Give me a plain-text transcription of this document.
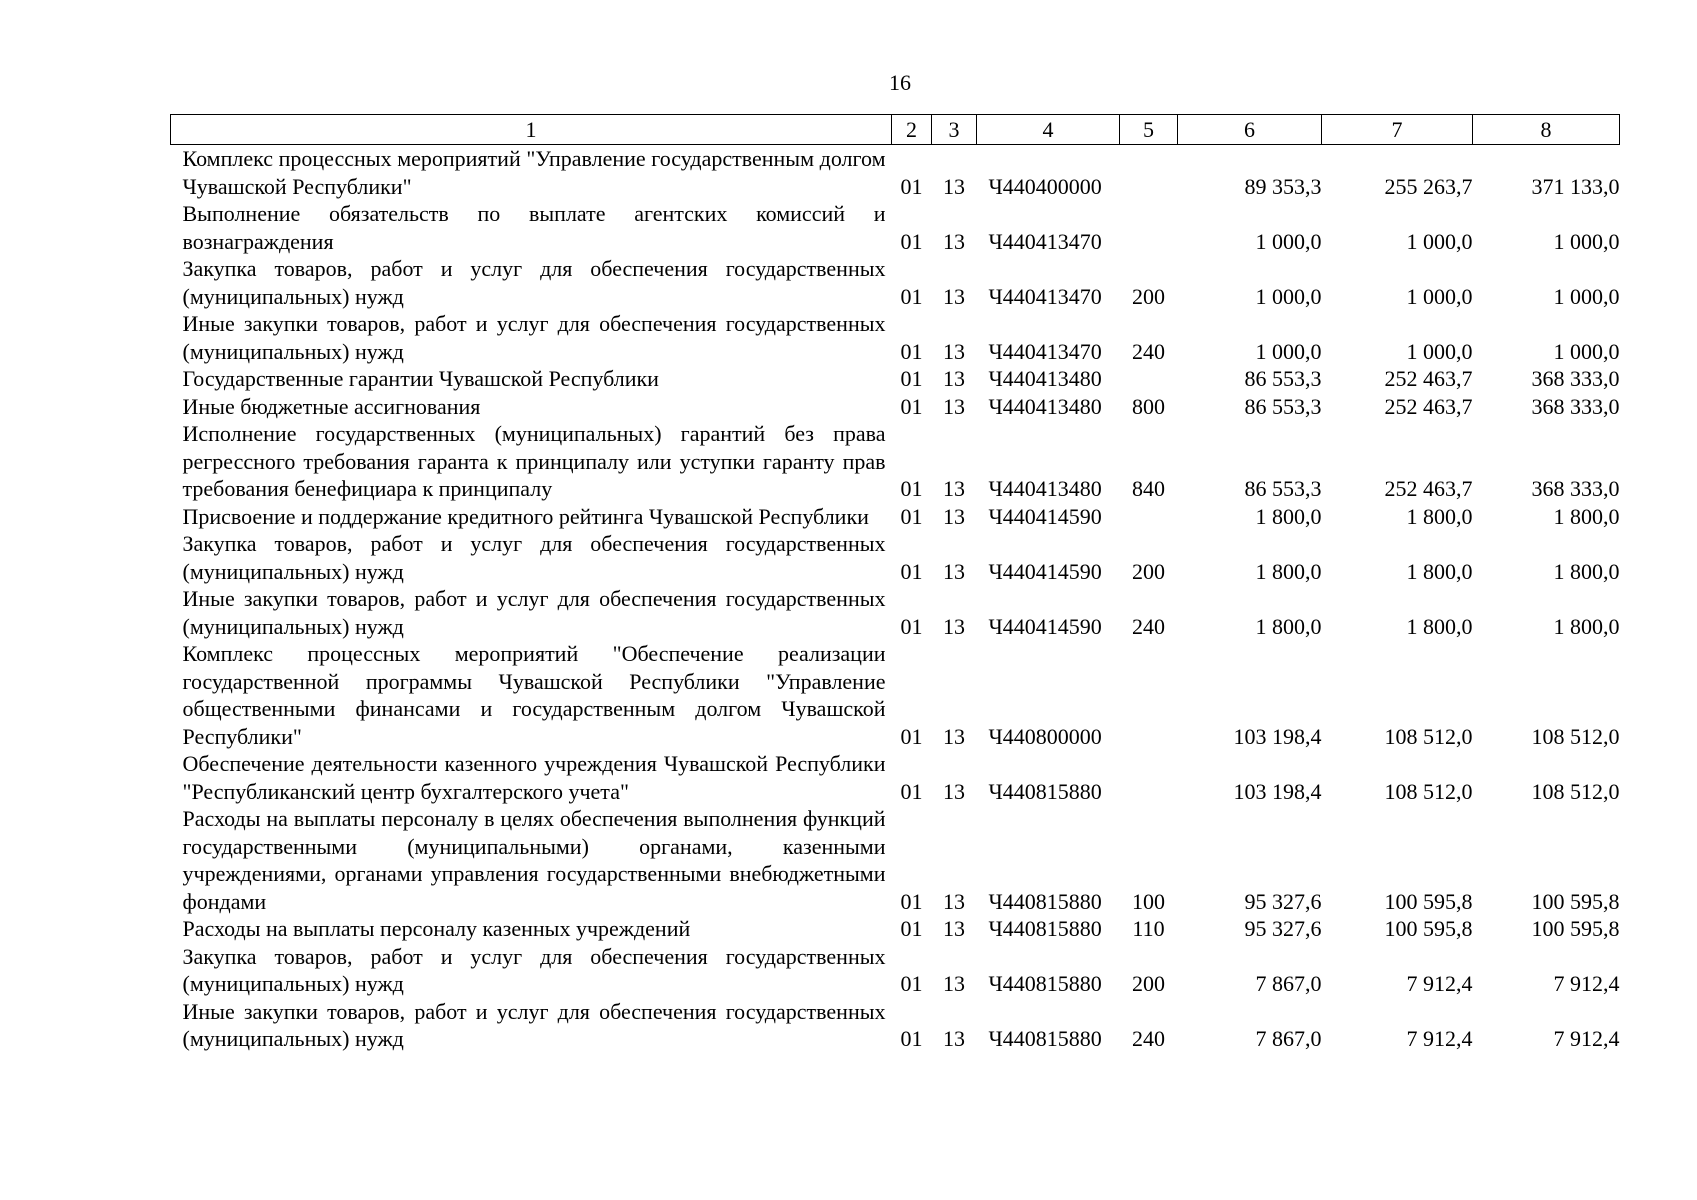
16
1	2	3	4	5	6	7	8
Комплекс процессных мероприятий "Управление государственным долгом Чувашской Республики"	01	13	Ч440400000		89 353,3	255 263,7	371 133,0
Выполнение обязательств по выплате агентских комиссий и вознаграждения	01	13	Ч440413470		1 000,0	1 000,0	1 000,0
Закупка товаров, работ и услуг для обеспечения государственных (муниципальных) нужд	01	13	Ч440413470	200	1 000,0	1 000,0	1 000,0
Иные закупки товаров, работ и услуг для обеспечения государственных (муниципальных) нужд	01	13	Ч440413470	240	1 000,0	1 000,0	1 000,0
Государственные гарантии Чувашской Республики	01	13	Ч440413480		86 553,3	252 463,7	368 333,0
Иные бюджетные ассигнования	01	13	Ч440413480	800	86 553,3	252 463,7	368 333,0
Исполнение государственных (муниципальных) гарантий без права регрессного требования гаранта к принципалу или уступки гаранту прав требования бенефициара к принципалу	01	13	Ч440413480	840	86 553,3	252 463,7	368 333,0
Присвоение и поддержание кредитного рейтинга Чувашской Республики	01	13	Ч440414590		1 800,0	1 800,0	1 800,0
Закупка товаров, работ и услуг для обеспечения государственных (муниципальных) нужд	01	13	Ч440414590	200	1 800,0	1 800,0	1 800,0
Иные закупки товаров, работ и услуг для обеспечения государственных (муниципальных) нужд	01	13	Ч440414590	240	1 800,0	1 800,0	1 800,0
Комплекс процессных мероприятий "Обеспечение реализации государственной программы Чувашской Республики "Управление общественными финансами и государственным долгом Чувашской Республики"	01	13	Ч440800000		103 198,4	108 512,0	108 512,0
Обеспечение деятельности казенного учреждения Чувашской Республики "Республиканский центр бухгалтерского учета"	01	13	Ч440815880		103 198,4	108 512,0	108 512,0
Расходы на выплаты персоналу в целях обеспечения выполнения функций государственными (муниципальными) органами, казенными учреждениями, органами управления государственными внебюджетными фондами	01	13	Ч440815880	100	95 327,6	100 595,8	100 595,8
Расходы на выплаты персоналу казенных учреждений	01	13	Ч440815880	110	95 327,6	100 595,8	100 595,8
Закупка товаров, работ и услуг для обеспечения государственных (муниципальных) нужд	01	13	Ч440815880	200	7 867,0	7 912,4	7 912,4
Иные закупки товаров, работ и услуг для обеспечения государственных (муниципальных) нужд	01	13	Ч440815880	240	7 867,0	7 912,4	7 912,4
